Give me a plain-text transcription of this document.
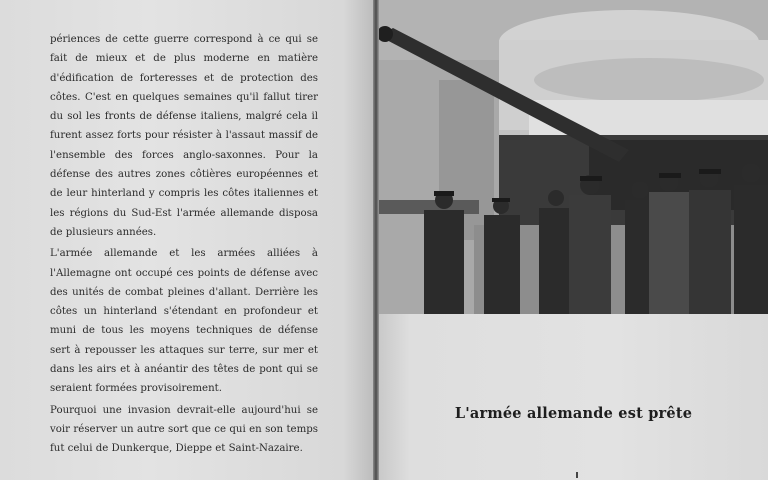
périences de cette guerre correspond à ce qui se fait de mieux et de plus moderne en matière d'édification de forteresses et de protection des côtes. C'est en quelques semaines qu'il fallut tirer du sol les fronts de défense italiens, malgré cela il furent assez forts pour résister à l'assaut massif de l'ensemble des forces anglo-saxonnes. Pour la défense des autres zones côtières européennes et de leur hinterland y compris les côtes italiennes et les régions du Sud-Est l'armée allemande disposa de plusieurs années.

L'armée allemande et les armées alliées à l'Allemagne ont occupé ces points de défense avec des unités de combat pleines d'allant. Derrière les côtes un hinterland s'étendant en profondeur et muni de tous les moyens techniques de défense sert à repousser les attaques sur terre, sur mer et dans les airs et à anéantir des têtes de pont qui se seraient formées provisoirement.

Pourquoi une invasion devrait-elle aujourd'hui se voir réserver un autre sort que ce qui en son temps fut celui de Dunkerque, Dieppe et Saint-Nazaire.

L'armée allemande est prête
